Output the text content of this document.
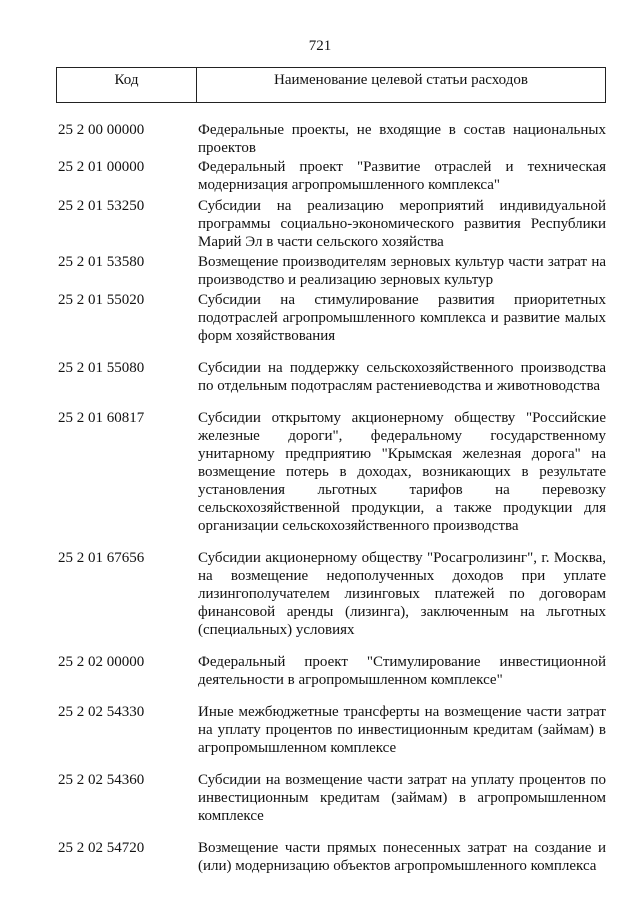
721
Код	Наименование целевой статьи расходов
25 2 00 00000	Федеральные проекты, не входящие в состав национальных проектов
25 2 01 00000	Федеральный проект "Развитие отраслей и техническая модернизация агропромышленного комплекса"
25 2 01 53250	Субсидии на реализацию мероприятий индивидуальной программы социально-экономического развития Республики Марий Эл в части сельского хозяйства
25 2 01 53580	Возмещение производителям зерновых культур части затрат на производство и реализацию зерновых культур
25 2 01 55020	Субсидии на стимулирование развития приоритетных подотраслей агропромышленного комплекса и развитие малых форм хозяйствования
25 2 01 55080	Субсидии на поддержку сельскохозяйственного производства по отдельным подотраслям растениеводства и животноводства
25 2 01 60817	Субсидии открытому акционерному обществу "Российские железные дороги", федеральному государственному унитарному предприятию "Крымская железная дорога" на возмещение потерь в доходах, возникающих в результате установления льготных тарифов на перевозку сельскохозяйственной продукции, а также продукции для организации сельскохозяйственного производства
25 2 01 67656	Субсидии акционерному обществу "Росагролизинг", г. Москва, на возмещение недополученных доходов при уплате лизингополучателем лизинговых платежей по договорам финансовой аренды (лизинга), заключенным на льготных (специальных) условиях
25 2 02 00000	Федеральный проект "Стимулирование инвестиционной деятельности в агропромышленном комплексе"
25 2 02 54330	Иные межбюджетные трансферты на возмещение части затрат на уплату процентов по инвестиционным кредитам (займам) в агропромышленном комплексе
25 2 02 54360	Субсидии на возмещение части затрат на уплату процентов по инвестиционным кредитам (займам) в агропромышленном комплексе
25 2 02 54720	Возмещение части прямых понесенных затрат на создание и (или) модернизацию объектов агропромышленного комплекса
